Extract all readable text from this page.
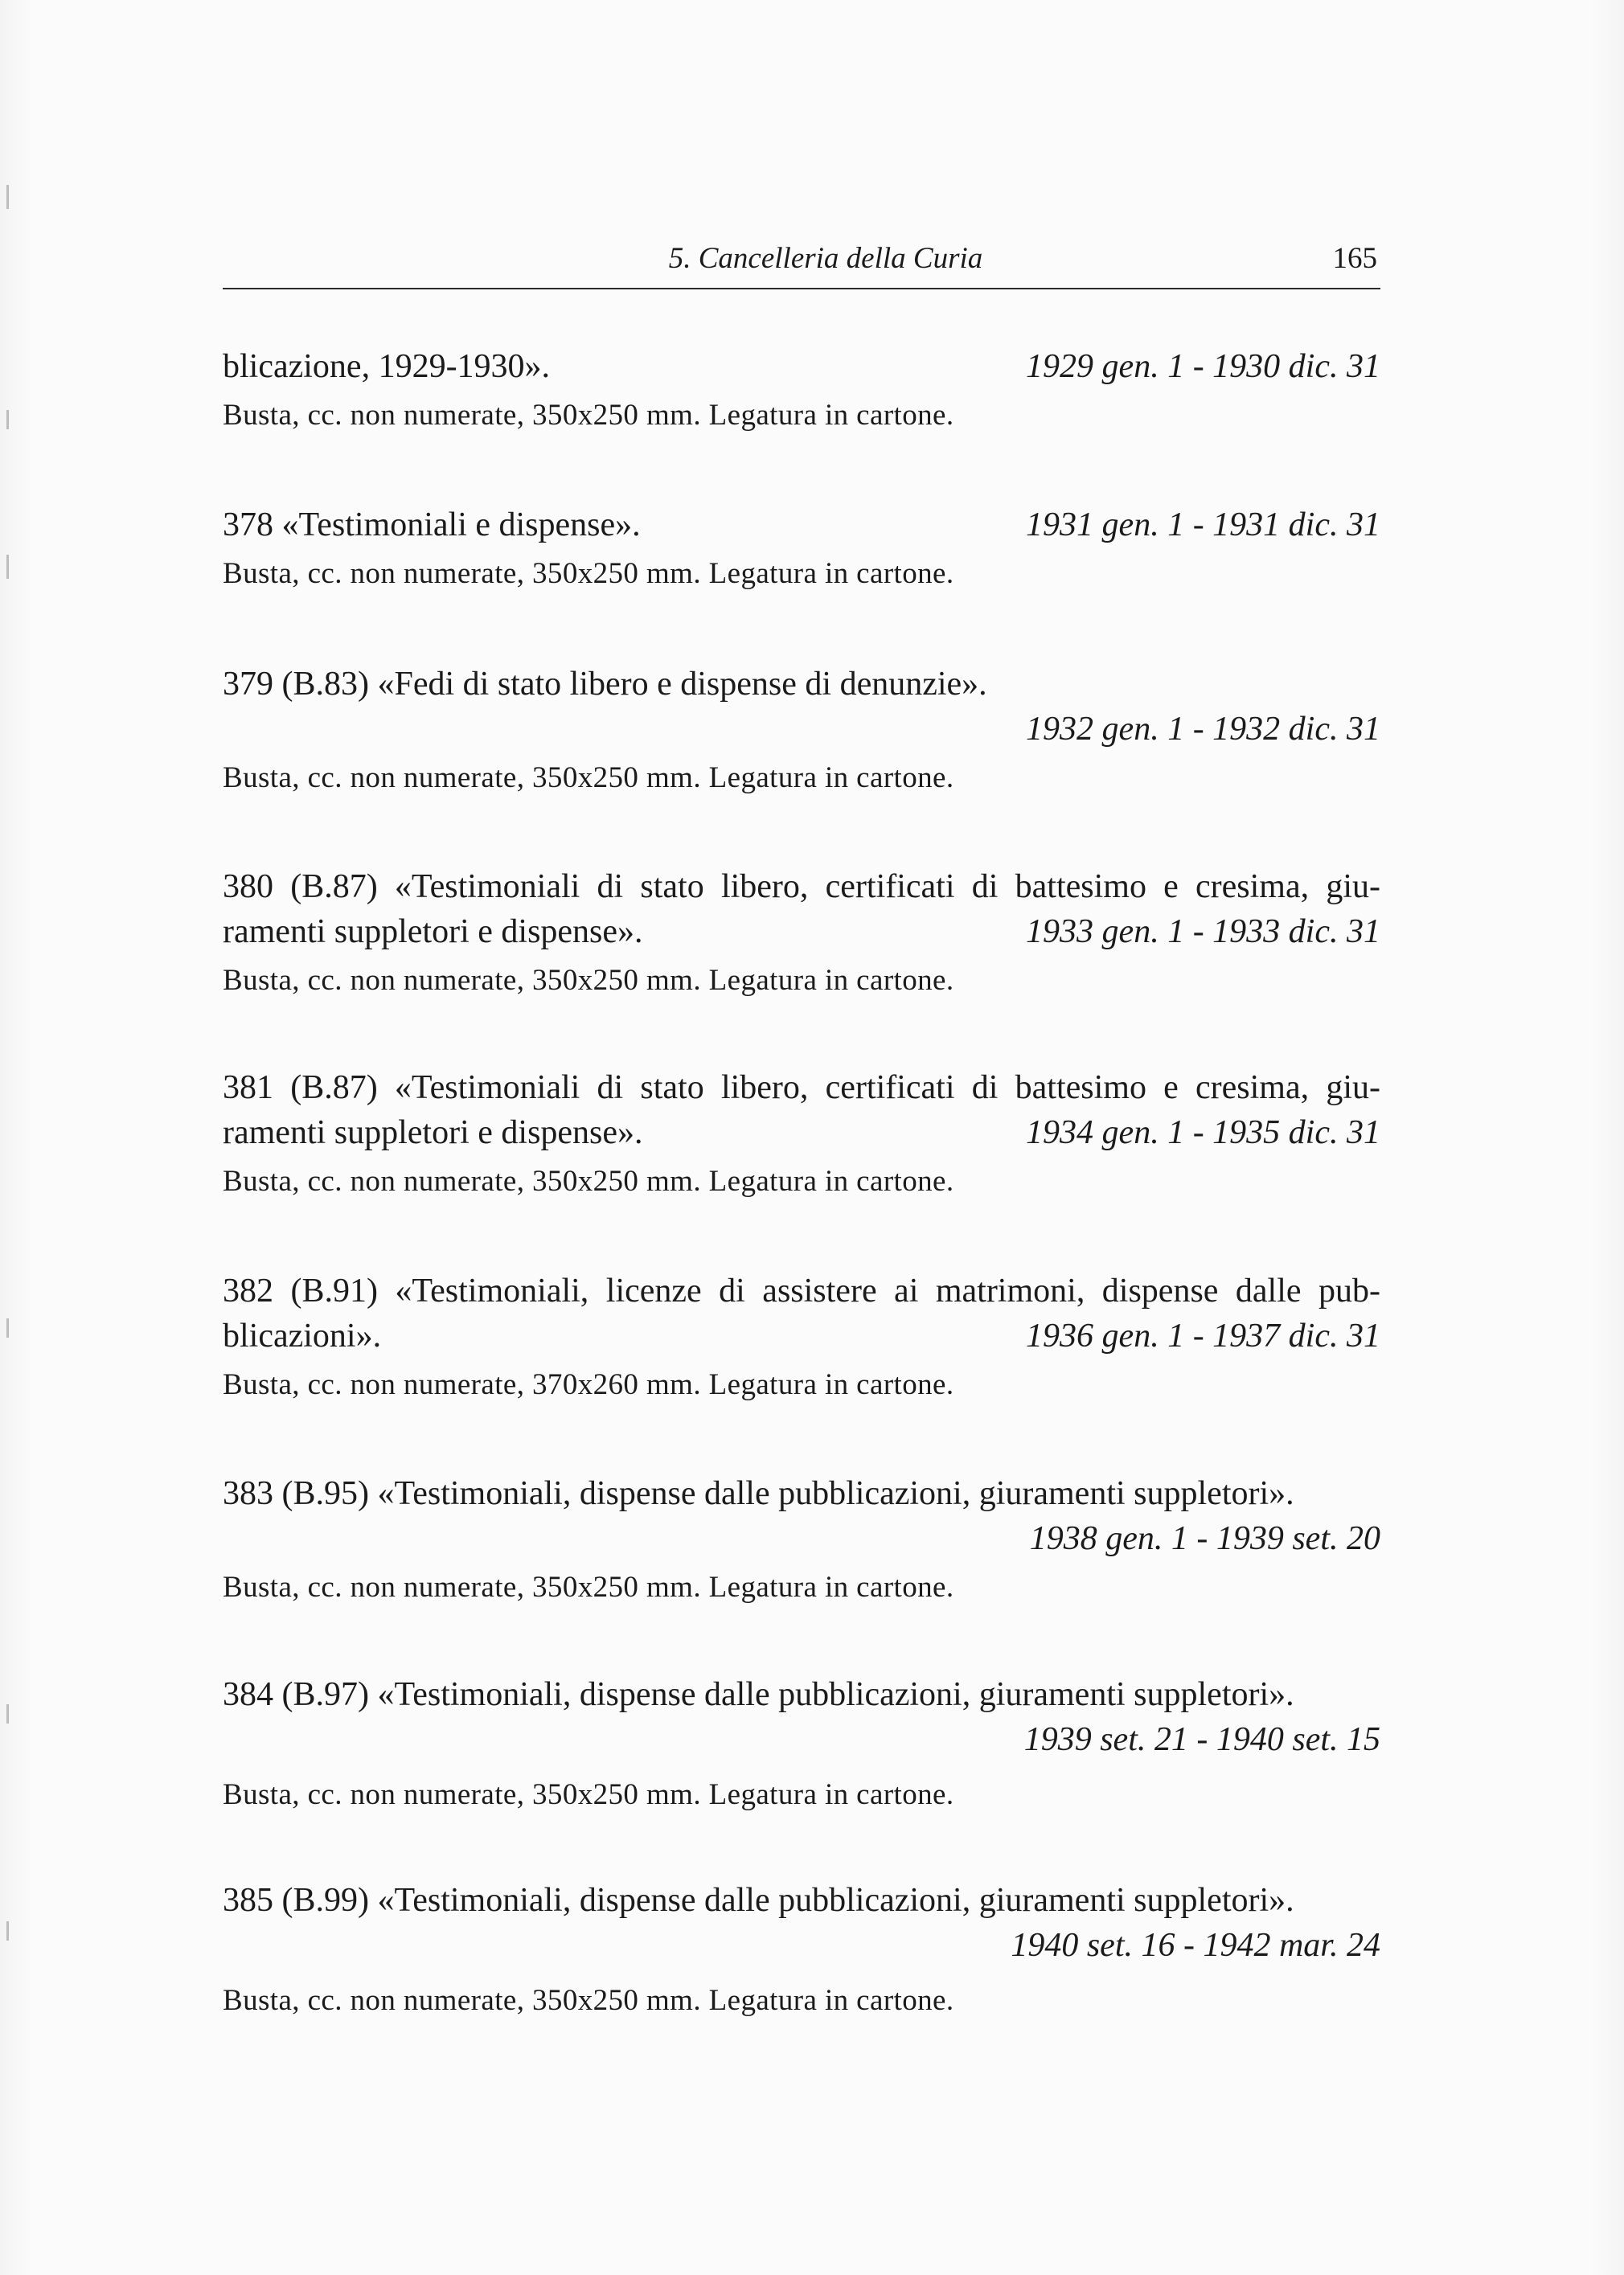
5. Cancelleria della Curia	165
blicazione, 1929-1930».	1929 gen. 1 - 1930 dic. 31
Busta, cc. non numerate, 350x250 mm. Legatura in cartone.
378 «Testimoniali e dispense».	1931 gen. 1 - 1931 dic. 31
Busta, cc. non numerate, 350x250 mm. Legatura in cartone.
379 (B.83) «Fedi di stato libero e dispense di denunzie».
1932 gen. 1 - 1932 dic. 31
Busta, cc. non numerate, 350x250 mm. Legatura in cartone.
380 (B.87) «Testimoniali di stato libero, certificati di battesimo e cresima, giu-
ramenti suppletori e dispense».	1933 gen. 1 - 1933 dic. 31
Busta, cc. non numerate, 350x250 mm. Legatura in cartone.
381 (B.87) «Testimoniali di stato libero, certificati di battesimo e cresima, giu-
ramenti suppletori e dispense».	1934 gen. 1 - 1935 dic. 31
Busta, cc. non numerate, 350x250 mm. Legatura in cartone.
382 (B.91) «Testimoniali, licenze di assistere ai matrimoni, dispense dalle pub-
blicazioni».	1936 gen. 1 - 1937 dic. 31
Busta, cc. non numerate, 370x260 mm. Legatura in cartone.
383 (B.95) «Testimoniali, dispense dalle pubblicazioni, giuramenti suppletori».
1938 gen. 1 - 1939 set. 20
Busta, cc. non numerate, 350x250 mm. Legatura in cartone.
384 (B.97) «Testimoniali, dispense dalle pubblicazioni, giuramenti suppletori».
1939 set. 21 - 1940 set. 15
Busta, cc. non numerate, 350x250 mm. Legatura in cartone.
385 (B.99) «Testimoniali, dispense dalle pubblicazioni, giuramenti suppletori».
1940 set. 16 - 1942 mar. 24
Busta, cc. non numerate, 350x250 mm. Legatura in cartone.
